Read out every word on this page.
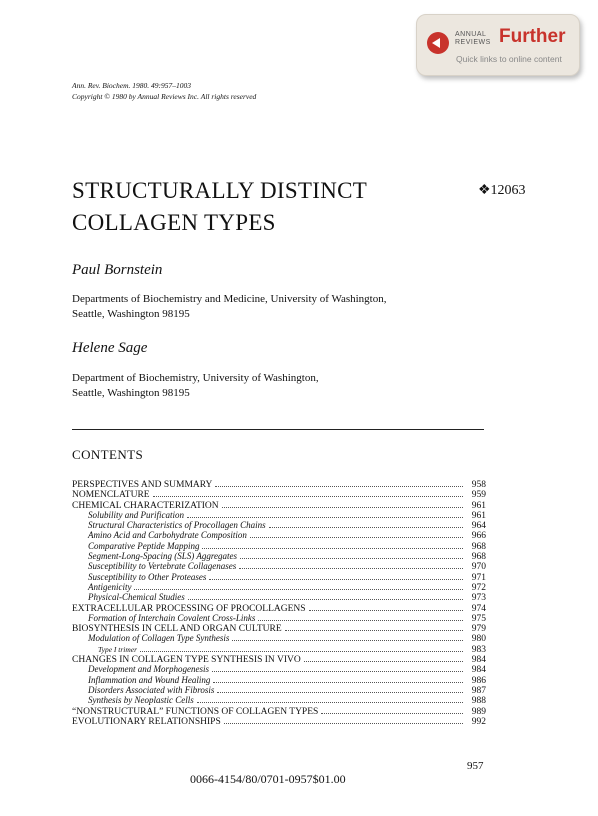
ANNUAL REVIEWS Further
Quick links to online content
Ann. Rev. Biochem. 1980. 49:957–1003
Copyright © 1980 by Annual Reviews Inc. All rights reserved
STRUCTURALLY DISTINCT
COLLAGEN TYPES
❖12063
Paul Bornstein
Departments of Biochemistry and Medicine, University of Washington,
Seattle, Washington 98195
Helene Sage
Department of Biochemistry, University of Washington,
Seattle, Washington 98195
CONTENTS
PERSPECTIVES AND SUMMARY	958
NOMENCLATURE	959
CHEMICAL CHARACTERIZATION	961
Solubility and Purification	961
Structural Characteristics of Procollagen Chains	964
Amino Acid and Carbohydrate Composition	966
Comparative Peptide Mapping	968
Segment-Long-Spacing (SLS) Aggregates	968
Susceptibility to Vertebrate Collagenases	970
Susceptibility to Other Proteases	971
Antigenicity	972
Physical-Chemical Studies	973
EXTRACELLULAR PROCESSING OF PROCOLLAGENS	974
Formation of Interchain Covalent Cross-Links	975
BIOSYNTHESIS IN CELL AND ORGAN CULTURE	979
Modulation of Collagen Type Synthesis	980
Type I trimer	983
CHANGES IN COLLAGEN TYPE SYNTHESIS IN VIVO	984
Development and Morphogenesis	984
Inflammation and Wound Healing	986
Disorders Associated with Fibrosis	987
Synthesis by Neoplastic Cells	988
“NONSTRUCTURAL” FUNCTIONS OF COLLAGEN TYPES	989
EVOLUTIONARY RELATIONSHIPS	992
957
0066-4154/80/0701-0957$01.00
